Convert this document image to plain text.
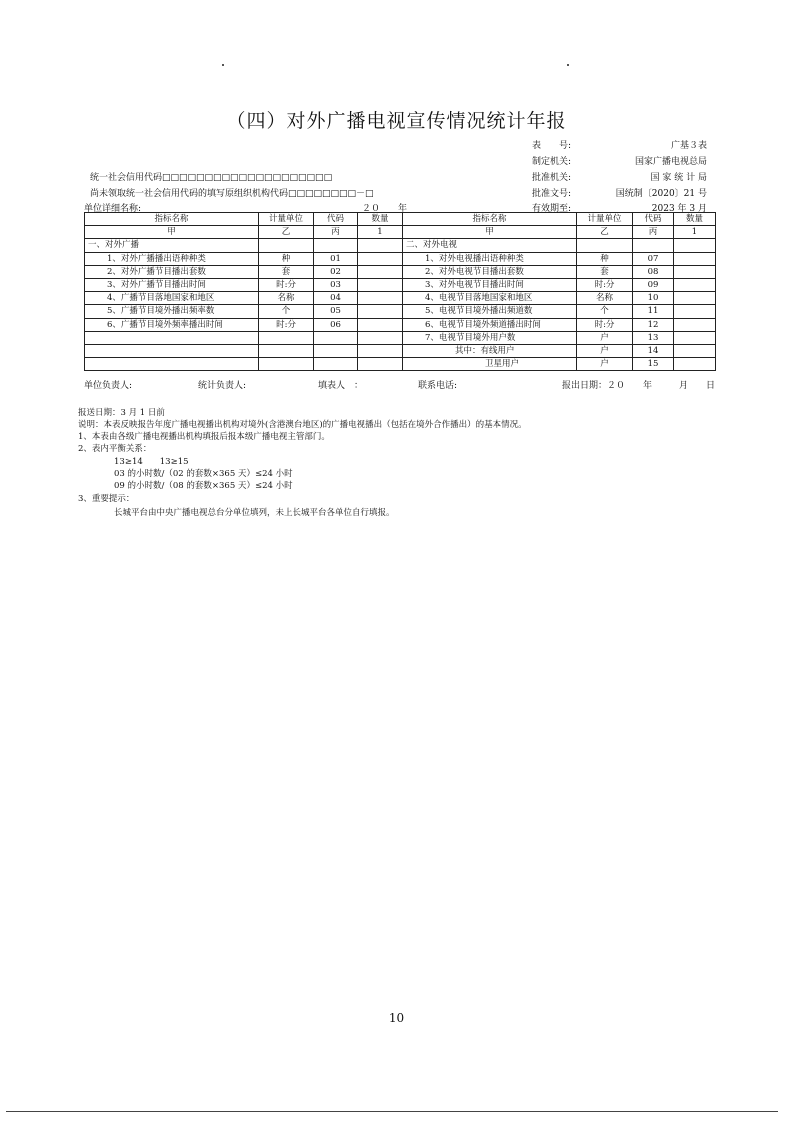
（四）对外广播电视宣传情况统计年报
表　　号:	广基３表
制定机关:	国家广播电视总局
批准机关:	国 家 统 计 局
批准文号:	国统制〔2020〕21 号
有效期至:	2023 年 3 月
统一社会信用代码□□□□□□□□□□□□□□□□□□□□
尚未领取统一社会信用代码的填写原组织机构代码□□□□□□□□－□
单位详细名称:	２０　　年
指标名称	计量单位	代码	数量	指标名称	计量单位	代码	数量
甲	乙	丙	1	甲	乙	丙	1
一、对外广播				二、对外电视			
1、对外广播播出语种种类	种	01		1、对外电视播出语种种类	种	07	
2、对外广播节目播出套数	套	02		2、对外电视节目播出套数	套	08	
3、对外广播节目播出时间	时:分	03		3、对外电视节目播出时间	时:分	09	
4、广播节目落地国家和地区	名称	04		4、电视节目落地国家和地区	名称	10	
5、广播节目境外播出频率数	个	05		5、电视节目境外播出频道数	个	11	
6、广播节目境外频率播出时间	时:分	06		6、电视节目境外频道播出时间	时:分	12	
				7、电视节目境外用户数	户	13	
				其中：有线用户	户	14	
				卫星用户	户	15	
单位负责人:	统计负责人:	填表人　：	联系电话:	报出日期：２０　　年　　　月　　日
报送日期：3 月 1 日前
说明：本表反映报告年度广播电视播出机构对境外(含港澳台地区)的广播电视播出（包括在境外合作播出）的基本情况。
1、本表由各级广播电视播出机构填报后报本级广播电视主管部门。
2、表内平衡关系：
13≥14　　13≥15
03 的小时数/（02 的套数×365 天）≤24 小时
09 的小时数/（08 的套数×365 天）≤24 小时
3、重要提示：
长城平台由中央广播电视总台分单位填列，未上长城平台各单位自行填报。
10
